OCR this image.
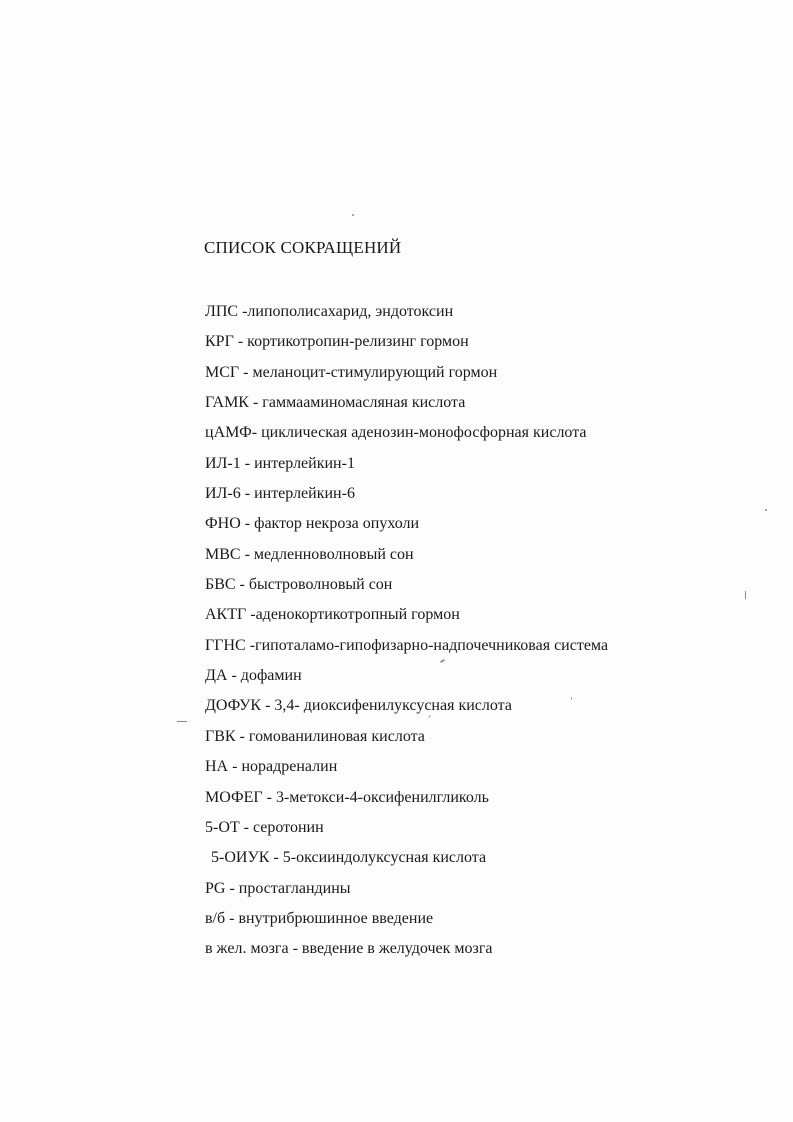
СПИСОК СОКРАЩЕНИЙ
ЛПС -липополисахарид, эндотоксин
КРГ - кортикотропин-релизинг гормон
МСГ - меланоцит-стимулирующий гормон
ГАМК - гаммааминомасляная кислота
цАМФ- циклическая аденозин-монофосфорная кислота
ИЛ-1 - интерлейкин-1
ИЛ-6 - интерлейкин-6
ФНО - фактор некроза опухоли
МВС - медленноволновый сон
БВС - быстроволновый сон
АКТГ -аденокортикотропный гормон
ГГНС -гипоталамо-гипофизарно-надпочечниковая система
ДА - дофамин
ДОФУК - 3,4- диоксифенилуксусная кислота
ГВК - гомованилиновая кислота
НА - норадреналин
МОФЕГ - 3-метокси-4-оксифенилгликоль
5-ОТ - серотонин
5-ОИУК - 5-оксииндолуксусная кислота
PG - простагландины
в/б - внутрибрюшинное введение
в жел. мозга - введение в желудочек мозга
